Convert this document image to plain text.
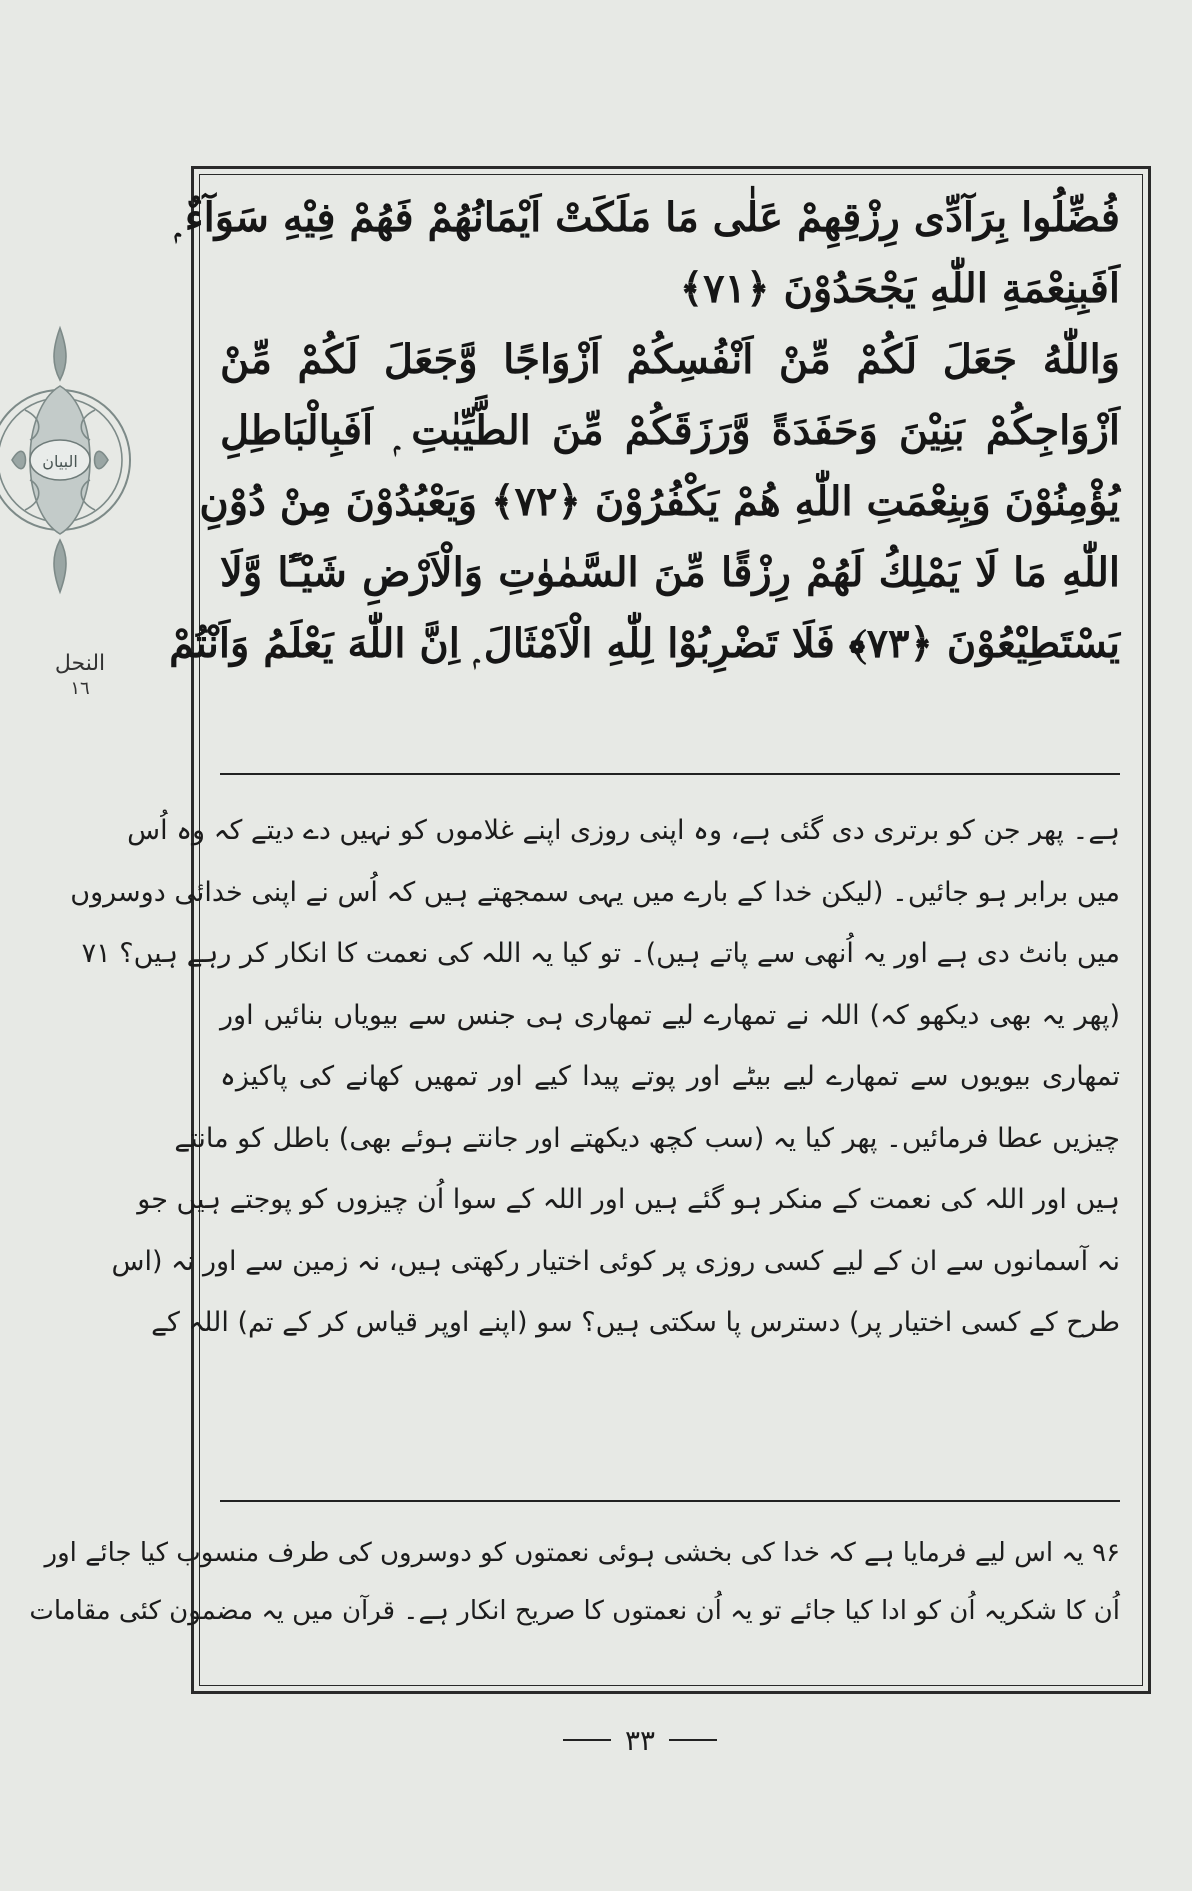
البیان
النحل
١٦
فُضِّلُوا بِرَآدِّی رِزْقِهِمْ عَلٰی مَا مَلَكَتْ اَیْمَانُهُمْ فَهُمْ فِیْهِ سَوَآءٌ ۭ
اَفَبِنِعْمَةِ اللّٰهِ یَجْحَدُوْنَ ﴿٧١﴾
وَاللّٰهُ جَعَلَ لَكُمْ مِّنْ اَنْفُسِكُمْ اَزْوَاجًا وَّجَعَلَ لَكُمْ مِّنْ
اَزْوَاجِكُمْ بَنِیْنَ وَحَفَدَةً وَّرَزَقَكُمْ مِّنَ الطَّیِّبٰتِ ۭ اَفَبِالْبَاطِلِ
یُؤْمِنُوْنَ وَبِنِعْمَتِ اللّٰهِ هُمْ یَكْفُرُوْنَ ﴿٧٢﴾ وَیَعْبُدُوْنَ مِنْ دُوْنِ
اللّٰهِ مَا لَا یَمْلِكُ لَهُمْ رِزْقًا مِّنَ السَّمٰوٰتِ وَالْاَرْضِ شَیْـًٔا وَّلَا
یَسْتَطِیْعُوْنَ ﴿٧٣﴾ فَلَا تَضْرِبُوْا لِلّٰهِ الْاَمْثَالَ ۭ اِنَّ اللّٰهَ یَعْلَمُ وَاَنْتُمْ
ہے۔ پھر جن کو برتری دی گئی ہے، وہ اپنی روزی اپنے غلاموں کو نہیں دے دیتے کہ وہ اُس
میں برابر ہو جائیں۔ (لیکن خدا کے بارے میں یہی سمجھتے ہیں کہ اُس نے اپنی خدائی دوسروں
میں بانٹ دی ہے اور یہ اُنھی سے پاتے ہیں)۔ تو کیا یہ اللہ کی نعمت کا انکار کر رہے ہیں؟ ۷۱
(پھر یہ بھی دیکھو کہ) اللہ نے تمھارے لیے تمھاری ہی جنس سے بیویاں بنائیں اور
تمھاری بیویوں سے تمھارے لیے بیٹے اور پوتے پیدا کیے اور تمھیں کھانے کی پاکیزہ
چیزیں عطا فرمائیں۔ پھر کیا یہ (سب کچھ دیکھتے اور جانتے ہوئے بھی) باطل کو مانتے
ہیں اور اللہ کی نعمت کے منکر ہو گئے ہیں اور اللہ کے سوا اُن چیزوں کو پوجتے ہیں جو
نہ آسمانوں سے ان کے لیے کسی روزی پر کوئی اختیار رکھتی ہیں، نہ زمین سے اور نہ (اس
طرح کے کسی اختیار پر) دسترس پا سکتی ہیں؟ سو (اپنے اوپر قیاس کر کے تم) اللہ کے
۹۶ یہ اس لیے فرمایا ہے کہ خدا کی بخشی ہوئی نعمتوں کو دوسروں کی طرف منسوب کیا جائے اور
اُن کا شکریہ اُن کو ادا کیا جائے تو یہ اُن نعمتوں کا صریح انکار ہے۔ قرآن میں یہ مضمون کئی مقامات
۳۳
